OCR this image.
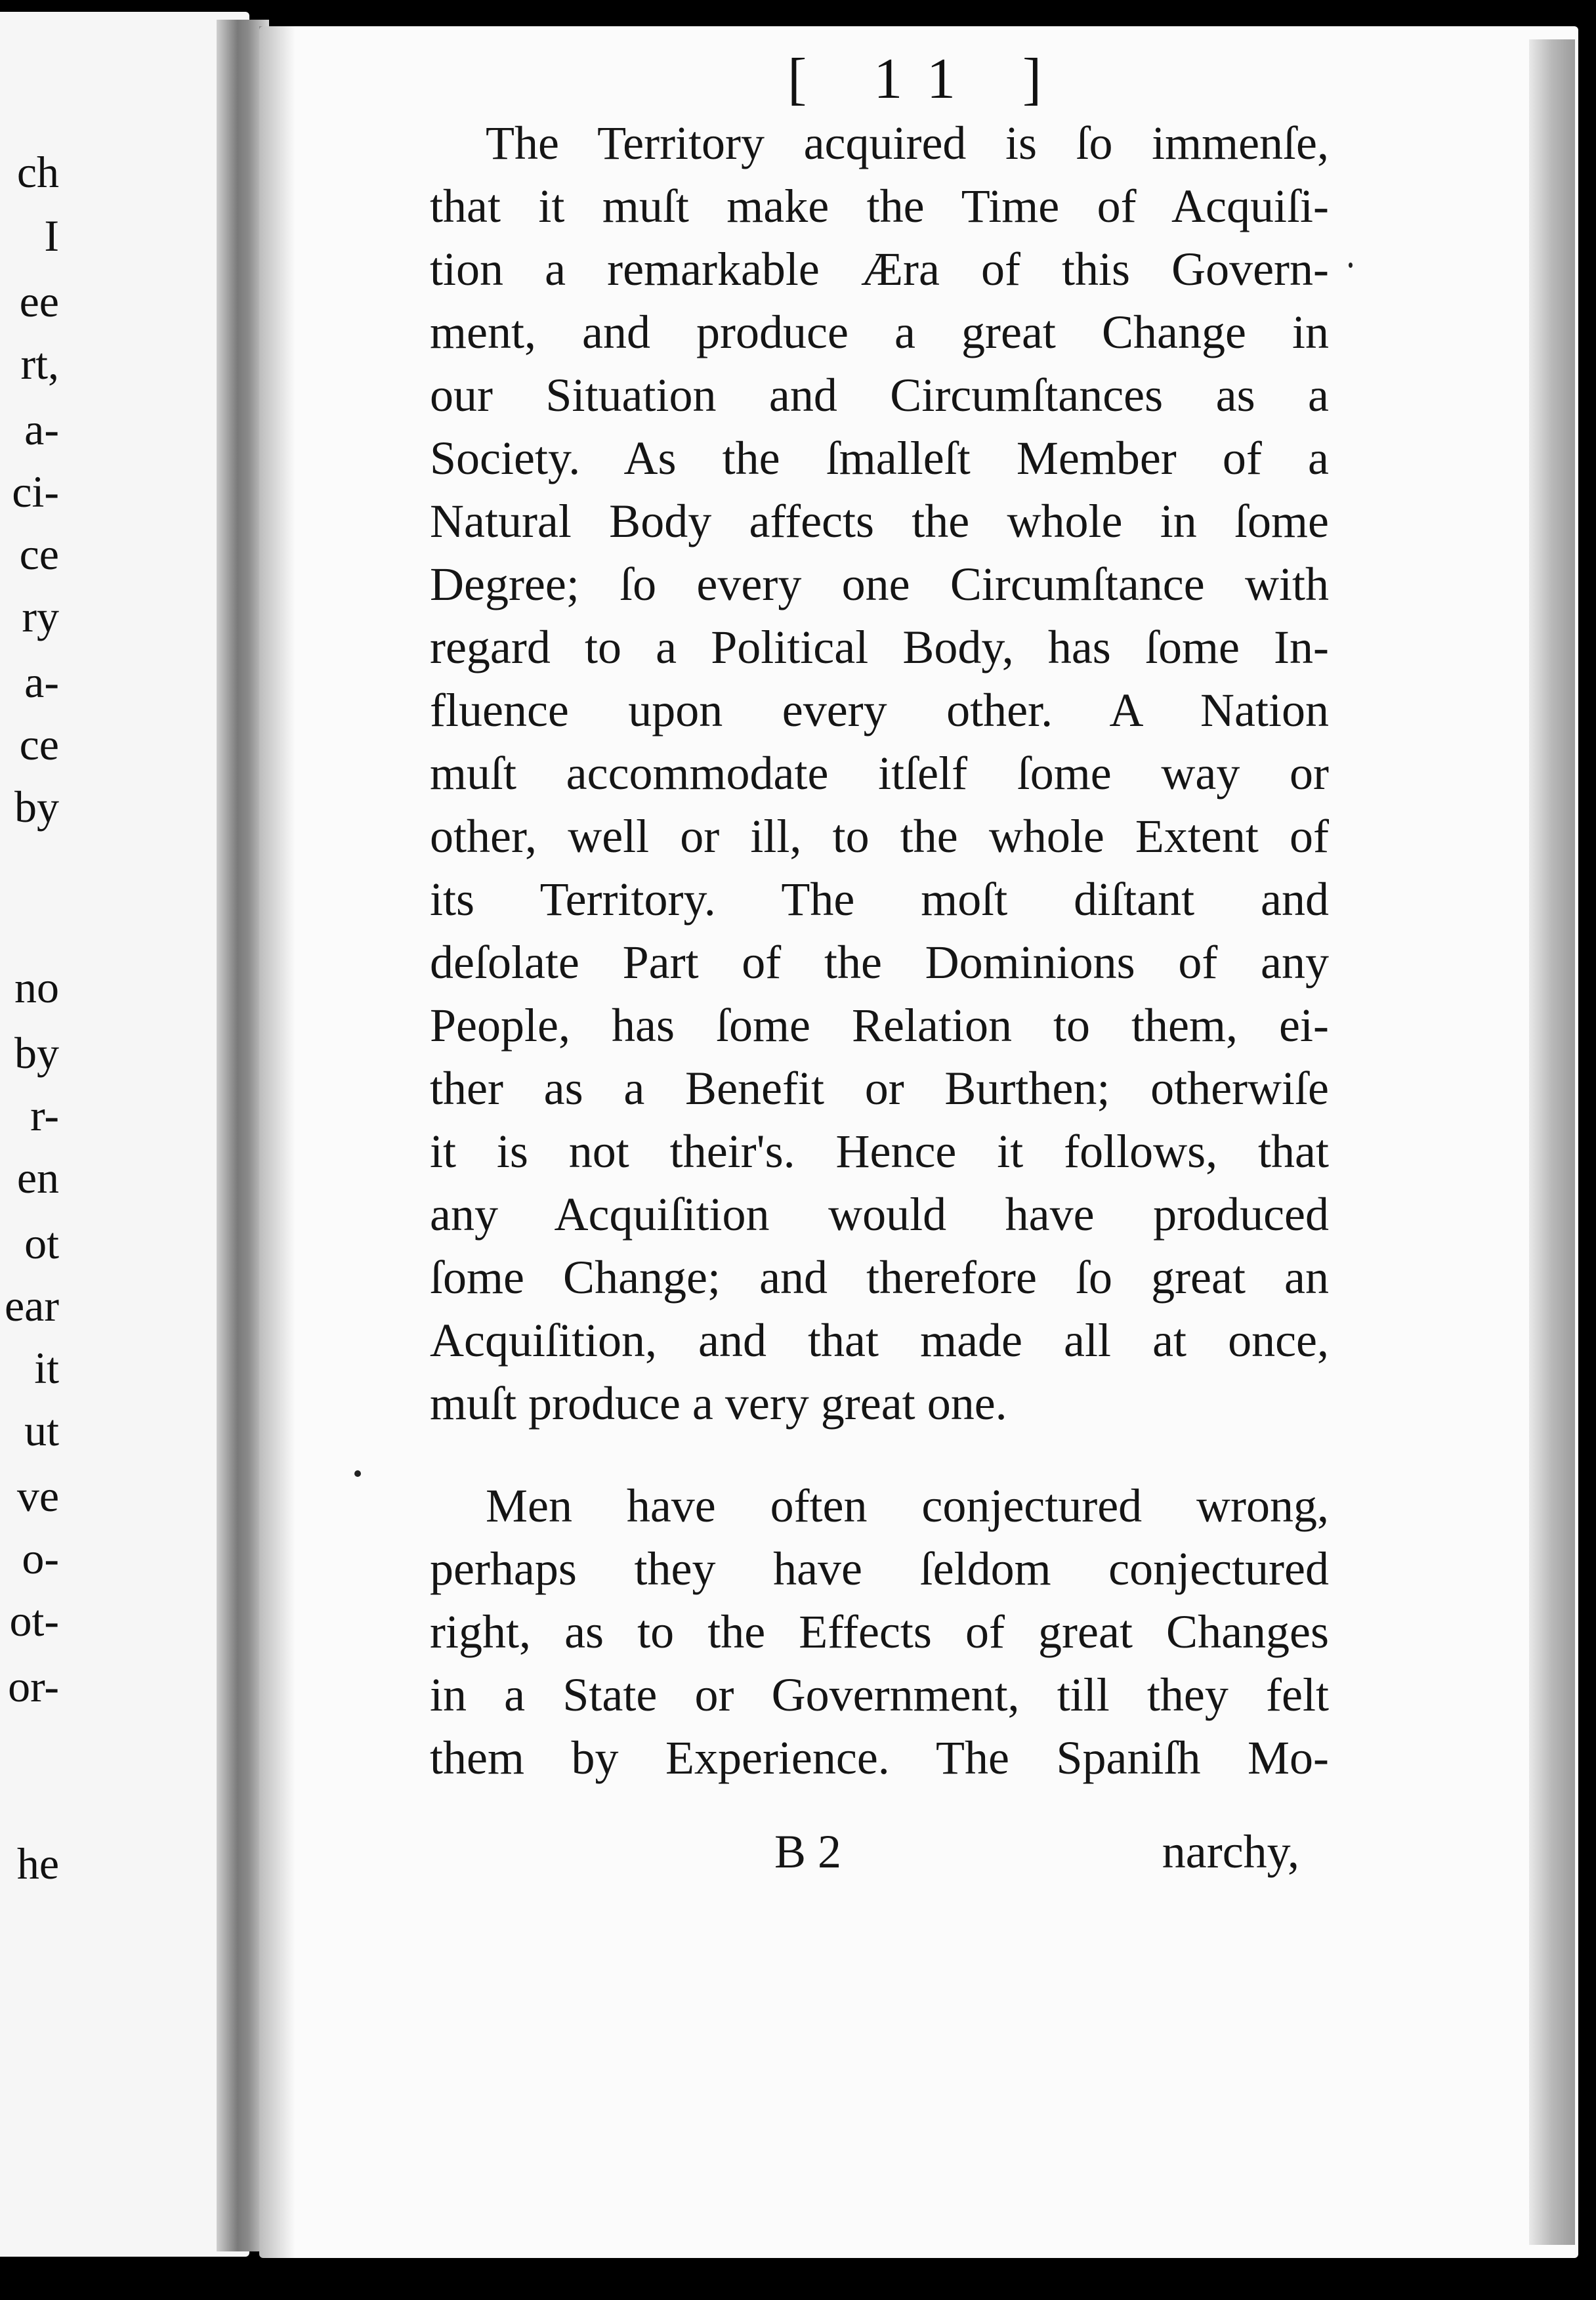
ch
I
ee
rt,
a-
ci-
ce
ry
a-
ce
by
no
by
r-
en
ot
ear
it
ut
ve
o-
ot-
or-
he
[ 11 ]
The Territory acquired is ſo immenſe,
that it muſt make the Time of Acquiſi-
tion a remarkable Æra of this Govern-
ment, and produce a great Change in
our Situation and Circumſtances as a
Society. As the ſmalleſt Member of a
Natural Body affects the whole in ſome
Degree; ſo every one Circumſtance with
regard to a Political Body, has ſome In-
fluence upon every other. A Nation
muſt accommodate itſelf ſome way or
other, well or ill, to the whole Extent of
its Territory. The moſt diſtant and
deſolate Part of the Dominions of any
People, has ſome Relation to them, ei-
ther as a Benefit or Burthen; otherwiſe
it is not their's. Hence it follows, that
any Acquiſition would have produced
ſome Change; and therefore ſo great an
Acquiſition, and that made all at once,
muſt produce a very great one.
Men have often conjectured wrong,
perhaps they have ſeldom conjectured
right, as to the Effects of great Changes
in a State or Government, till they felt
them by Experience. The Spaniſh Mo-
B 2	narchy,
